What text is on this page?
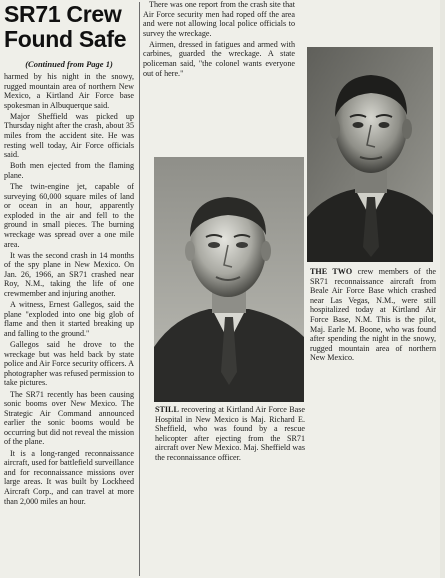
SR71 Crew
Found Safe
(Continued from Page 1)

harmed by his night in the snowy, rugged mountain area of northern New Mexico, a Kirtland Air Force base spokesman in Albuquerque said.

Major Sheffield was picked up Thursday night after the crash, about 35 miles from the accident site. He was resting well today, Air Force officials said.

Both men ejected from the flaming plane.

The twin-engine jet, capable of surveying 60,000 square miles of land or ocean in an hour, apparently exploded in the air and fell to the ground in small pieces. The burning wreckage was spread over a one mile area.

It was the second crash in 14 months of the spy plane in New Mexico. On Jan. 26, 1966, an SR71 crashed near Roy, N.M., taking the life of one crewmember and injuring another.

A witness, Ernest Gallegos, said the plane "exploded into one big glob of flame and then it started breaking up and falling to the ground."

Gallegos said he drove to the wreckage but was held back by state police and Air Force security officers. A photographer was refused permission to take pictures.

The SR71 recently has been causing sonic booms over New Mexico. The Strategic Air Command announced earlier the sonic booms would be occurring but did not reveal the mission of the plane.

It is a long-ranged reconnaissance aircraft, used for battlefield surveillance and for reconnaissance missions over large areas. It was built by Lockheed Aircraft Corp., and can travel at more than 2,000 miles an hour.

There was one report from the crash site that Air Force security men had roped off the area and were not allowing local police officials to survey the wreckage.

Airmen, dressed in fatigues and armed with carbines, guarded the wreckage. A state policeman said, "the colonel wants everyone out of here."

STILL recovering at Kirtland Air Force Base Hospital in New Mexico is Maj. Richard E. Sheffield, who was found by a rescue helicopter after ejecting from the SR71 aircraft over New Mexico. Maj. Sheffield was the reconnaissance officer.
THE TWO crew members of the SR71 reconnaissance aircraft from Beale Air Force Base which crashed near Las Vegas, N.M., were still hospitalized today at Kirtland Air Force Base, N.M. This is the pilot, Maj. Earle M. Boone, who was found after spending the night in the snowy, rugged mountain area of northern New Mexico.
